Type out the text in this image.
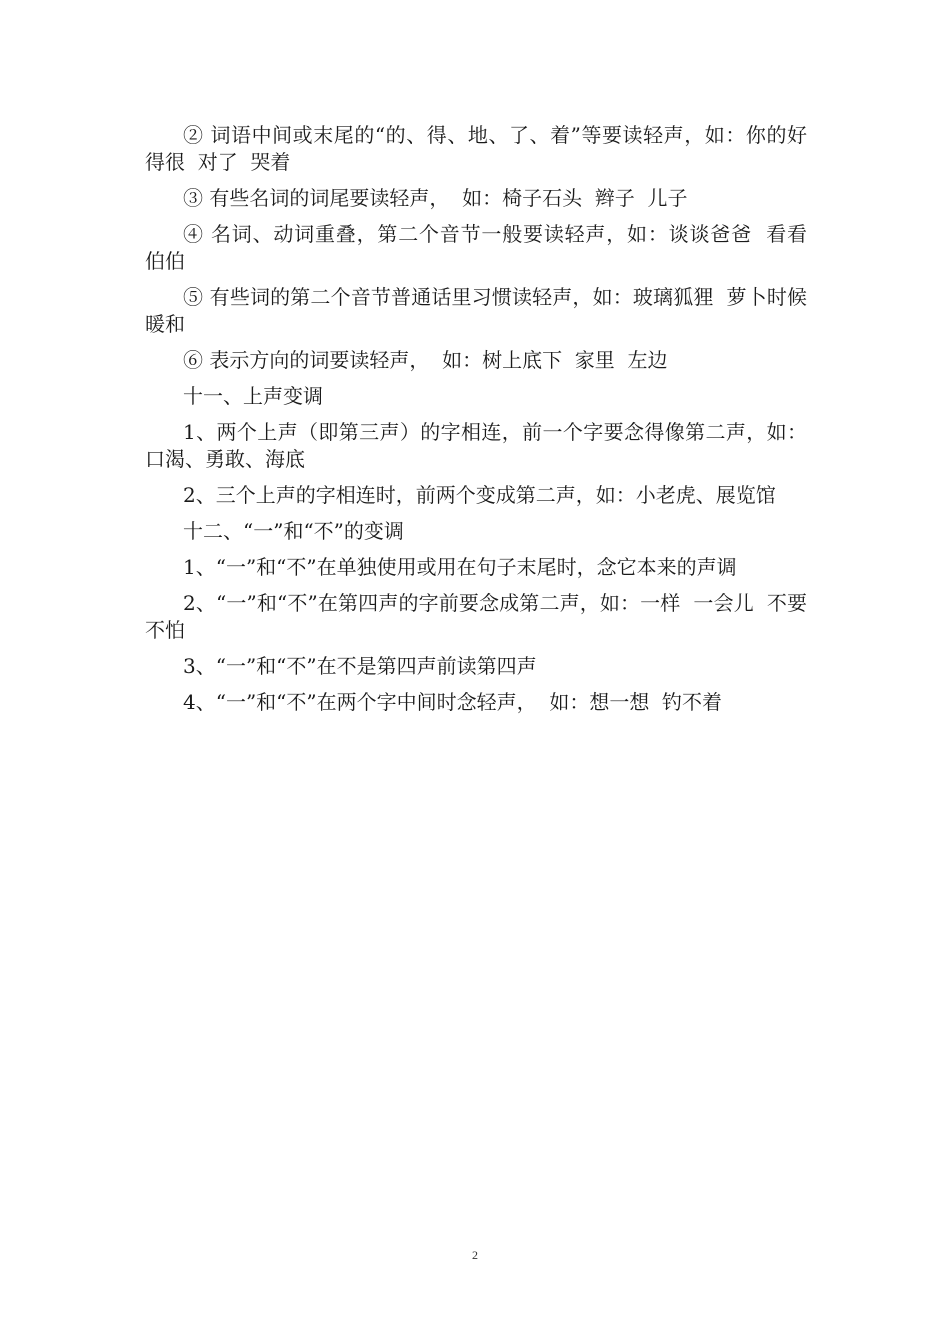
② 词语中间或末尾的“的、得、地、了、着”等要读轻声，如：你的好得很  对了  哭着

③ 有些名词的词尾要读轻声，  如：椅子石头  辫子  儿子

④ 名词、动词重叠，第二个音节一般要读轻声，如：谈谈爸爸  看看  伯伯

⑤ 有些词的第二个音节普通话里习惯读轻声，如：玻璃狐狸  萝卜时候  暖和

⑥ 表示方向的词要读轻声，  如：树上底下  家里  左边

十一、上声变调

1、两个上声（即第三声）的字相连，前一个字要念得像第二声，如：口渴、勇敢、海底

2、三个上声的字相连时，前两个变成第二声，如：小老虎、展览馆

十二、“一”和“不”的变调

1、“一”和“不”在单独使用或用在句子末尾时，念它本来的声调

2、“一”和“不”在第四声的字前要念成第二声，如：一样  一会儿  不要不怕

3、“一”和“不”在不是第四声前读第四声

4、“一”和“不”在两个字中间时念轻声，  如：想一想  钓不着

2
